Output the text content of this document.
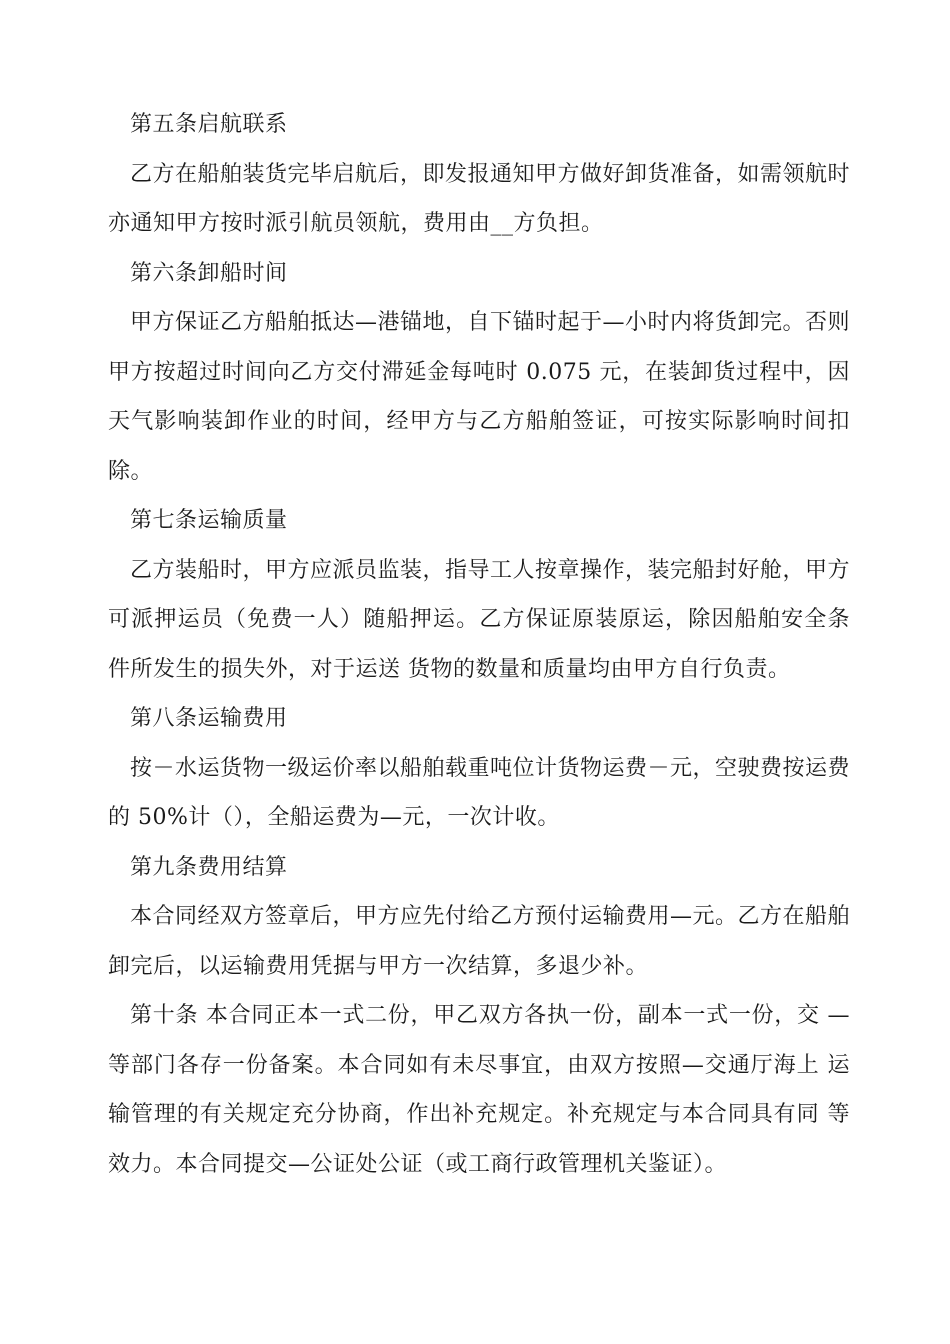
第五条启航联系

乙方在船舶装货完毕启航后，即发报通知甲方做好卸货准备，如需领航时亦通知甲方按时派引航员领航，费用由__方负担。

第六条卸船时间

甲方保证乙方船舶抵达—港锚地，自下锚时起于—小时内将货卸完。否则甲方按超过时间向乙方交付滞延金每吨时 0.075 元，在装卸货过程中，因天气影响装卸作业的时间，经甲方与乙方船舶签证，可按实际影响时间扣除。

第七条运输质量

乙方装船时，甲方应派员监装，指导工人按章操作，装完船封好舱，甲方可派押运员（免费一人）随船押运。乙方保证原装原运，除因船舶安全条件所发生的损失外，对于运送 货物的数量和质量均由甲方自行负责。

第八条运输费用

按－水运货物一级运价率以船舶载重吨位计货物运费－元，空驶费按运费的 50%计（），全船运费为—元，一次计收。

第九条费用结算

本合同经双方签章后，甲方应先付给乙方预付运输费用—元。乙方在船舶卸完后，以运输费用凭据与甲方一次结算，多退少补。

第十条 本合同正本一式二份，甲乙双方各执一份，副本一式一份，交 —等部门各存一份备案。本合同如有未尽事宜，由双方按照—交通厅海上 运输管理的有关规定充分协商，作出补充规定。补充规定与本合同具有同 等效力。本合同提交—公证处公证（或工商行政管理机关鉴证）。
